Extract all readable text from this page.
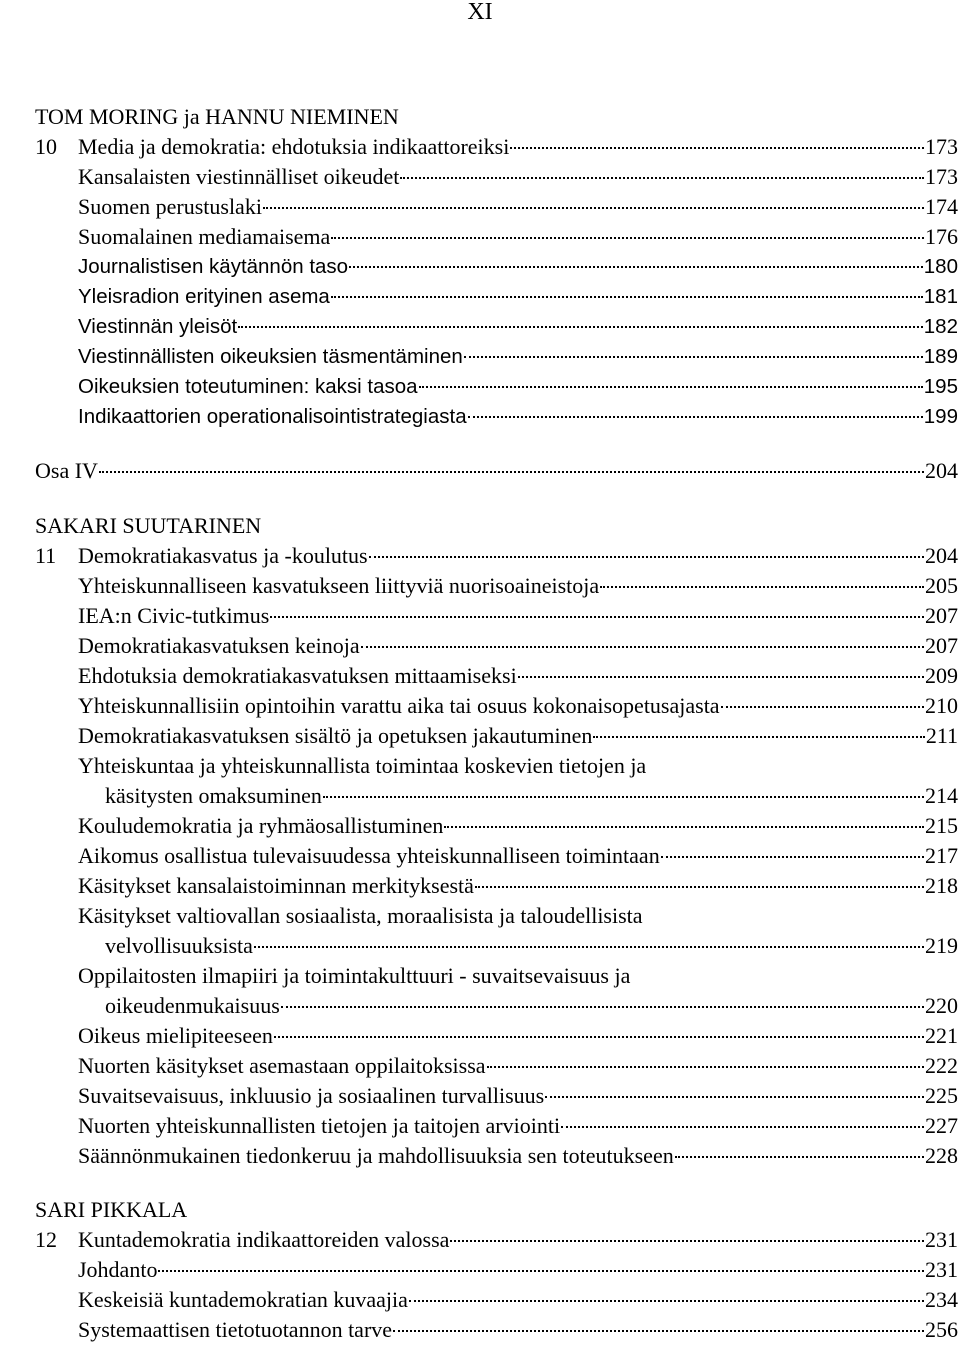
XI
TOM MORING ja HANNU NIEMINEN
10 Media ja demokratia: ehdotuksia indikaattoreiksi	173
Kansalaisten viestinnälliset oikeudet	173
Suomen perustuslaki	174
Suomalainen mediamaisema	176
Journalistisen käytännön taso	180
Yleisradion erityinen asema	181
Viestinnän yleisöt	182
Viestinnällisten oikeuksien täsmentäminen	189
Oikeuksien toteutuminen: kaksi tasoa	195
Indikaattorien operationalisointistrategiasta	199
Osa IV	204
SAKARI SUUTARINEN
11 Demokratiakasvatus ja -koulutus	204
Yhteiskunnalliseen kasvatukseen liittyviä nuorisoaineistoja	205
IEA:n Civic-tutkimus	207
Demokratiakasvatuksen keinoja	207
Ehdotuksia demokratiakasvatuksen mittaamiseksi	209
Yhteiskunnallisiin opintoihin varattu aika tai osuus kokonaisopetusajasta	210
Demokratiakasvatuksen sisältö ja opetuksen jakautuminen	211
Yhteiskuntaa ja yhteiskunnallista toimintaa koskevien tietojen ja
käsitysten omaksuminen	214
Kouludemokratia ja ryhmäosallistuminen	215
Aikomus osallistua tulevaisuudessa yhteiskunnalliseen toimintaan	217
Käsitykset kansalaistoiminnan merkityksestä	218
Käsitykset valtiovallan sosiaalista, moraalisista ja taloudellisista
velvollisuuksista	219
Oppilaitosten ilmapiiri ja toimintakulttuuri - suvaitsevaisuus ja
oikeudenmukaisuus	220
Oikeus mielipiteeseen	221
Nuorten käsitykset asemastaan oppilaitoksissa	222
Suvaitsevaisuus, inkluusio ja sosiaalinen turvallisuus	225
Nuorten yhteiskunnallisten tietojen ja taitojen arviointi	227
Säännönmukainen tiedonkeruu ja mahdollisuuksia sen toteutukseen	228
SARI PIKKALA
12 Kuntademokratia indikaattoreiden valossa	231
Johdanto	231
Keskeisiä kuntademokratian kuvaajia	234
Systemaattisen tietotuotannon tarve	256
